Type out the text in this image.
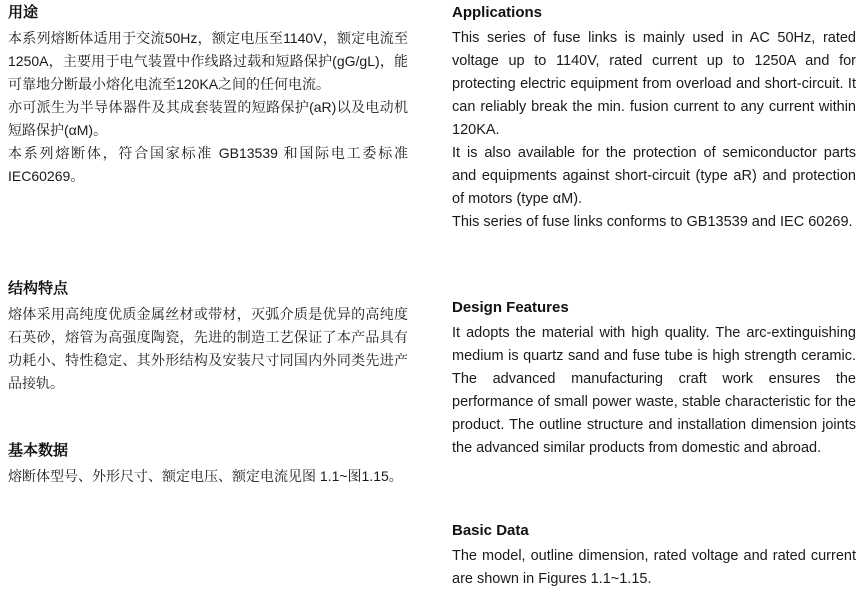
用途

本系列熔断体适用于交流50Hz，额定电压至1140V，额定电流至1250A，主要用于电气装置中作线路过载和短路保护(gG/gL)，能可靠地分断最小熔化电流至120KA之间的任何电流。

亦可派生为半导体器件及其成套装置的短路保护(aR)以及电动机短路保护(αM)。

本系列熔断体，符合国家标准 GB13539 和国际电工委标准 IEC60269。

结构特点

熔体采用高纯度优质金属丝材或带材，灭弧介质是优异的高纯度石英砂，熔管为高强度陶瓷，先进的制造工艺保证了本产品具有功耗小、特性稳定、其外形结构及安装尺寸同国内外同类先进产品接轨。

基本数据

熔断体型号、外形尺寸、额定电压、额定电流见图 1.1~图1.15。

Applications

This series of fuse links is mainly used in AC 50Hz, rated voltage up to 1140V, rated current up to 1250A and for protecting electric equipment from overload and short-circuit. It can reliably break the min. fusion current to any current within 120KA.

It is also available for the protection of semiconductor parts and equipments against short-circuit (type aR) and protection of motors (type αM).

This series of fuse links conforms to GB13539 and IEC 60269.

Design Features

It adopts the material with high quality. The arc-extinguishing medium is quartz sand and fuse tube is high strength ceramic. The advanced manufacturing craft work ensures the performance of small power waste, stable characteristic for the product. The outline structure and installation dimension joints the advanced similar products from domestic and abroad.

Basic Data

The model, outline dimension, rated voltage and rated current are shown in Figures 1.1~1.15.
